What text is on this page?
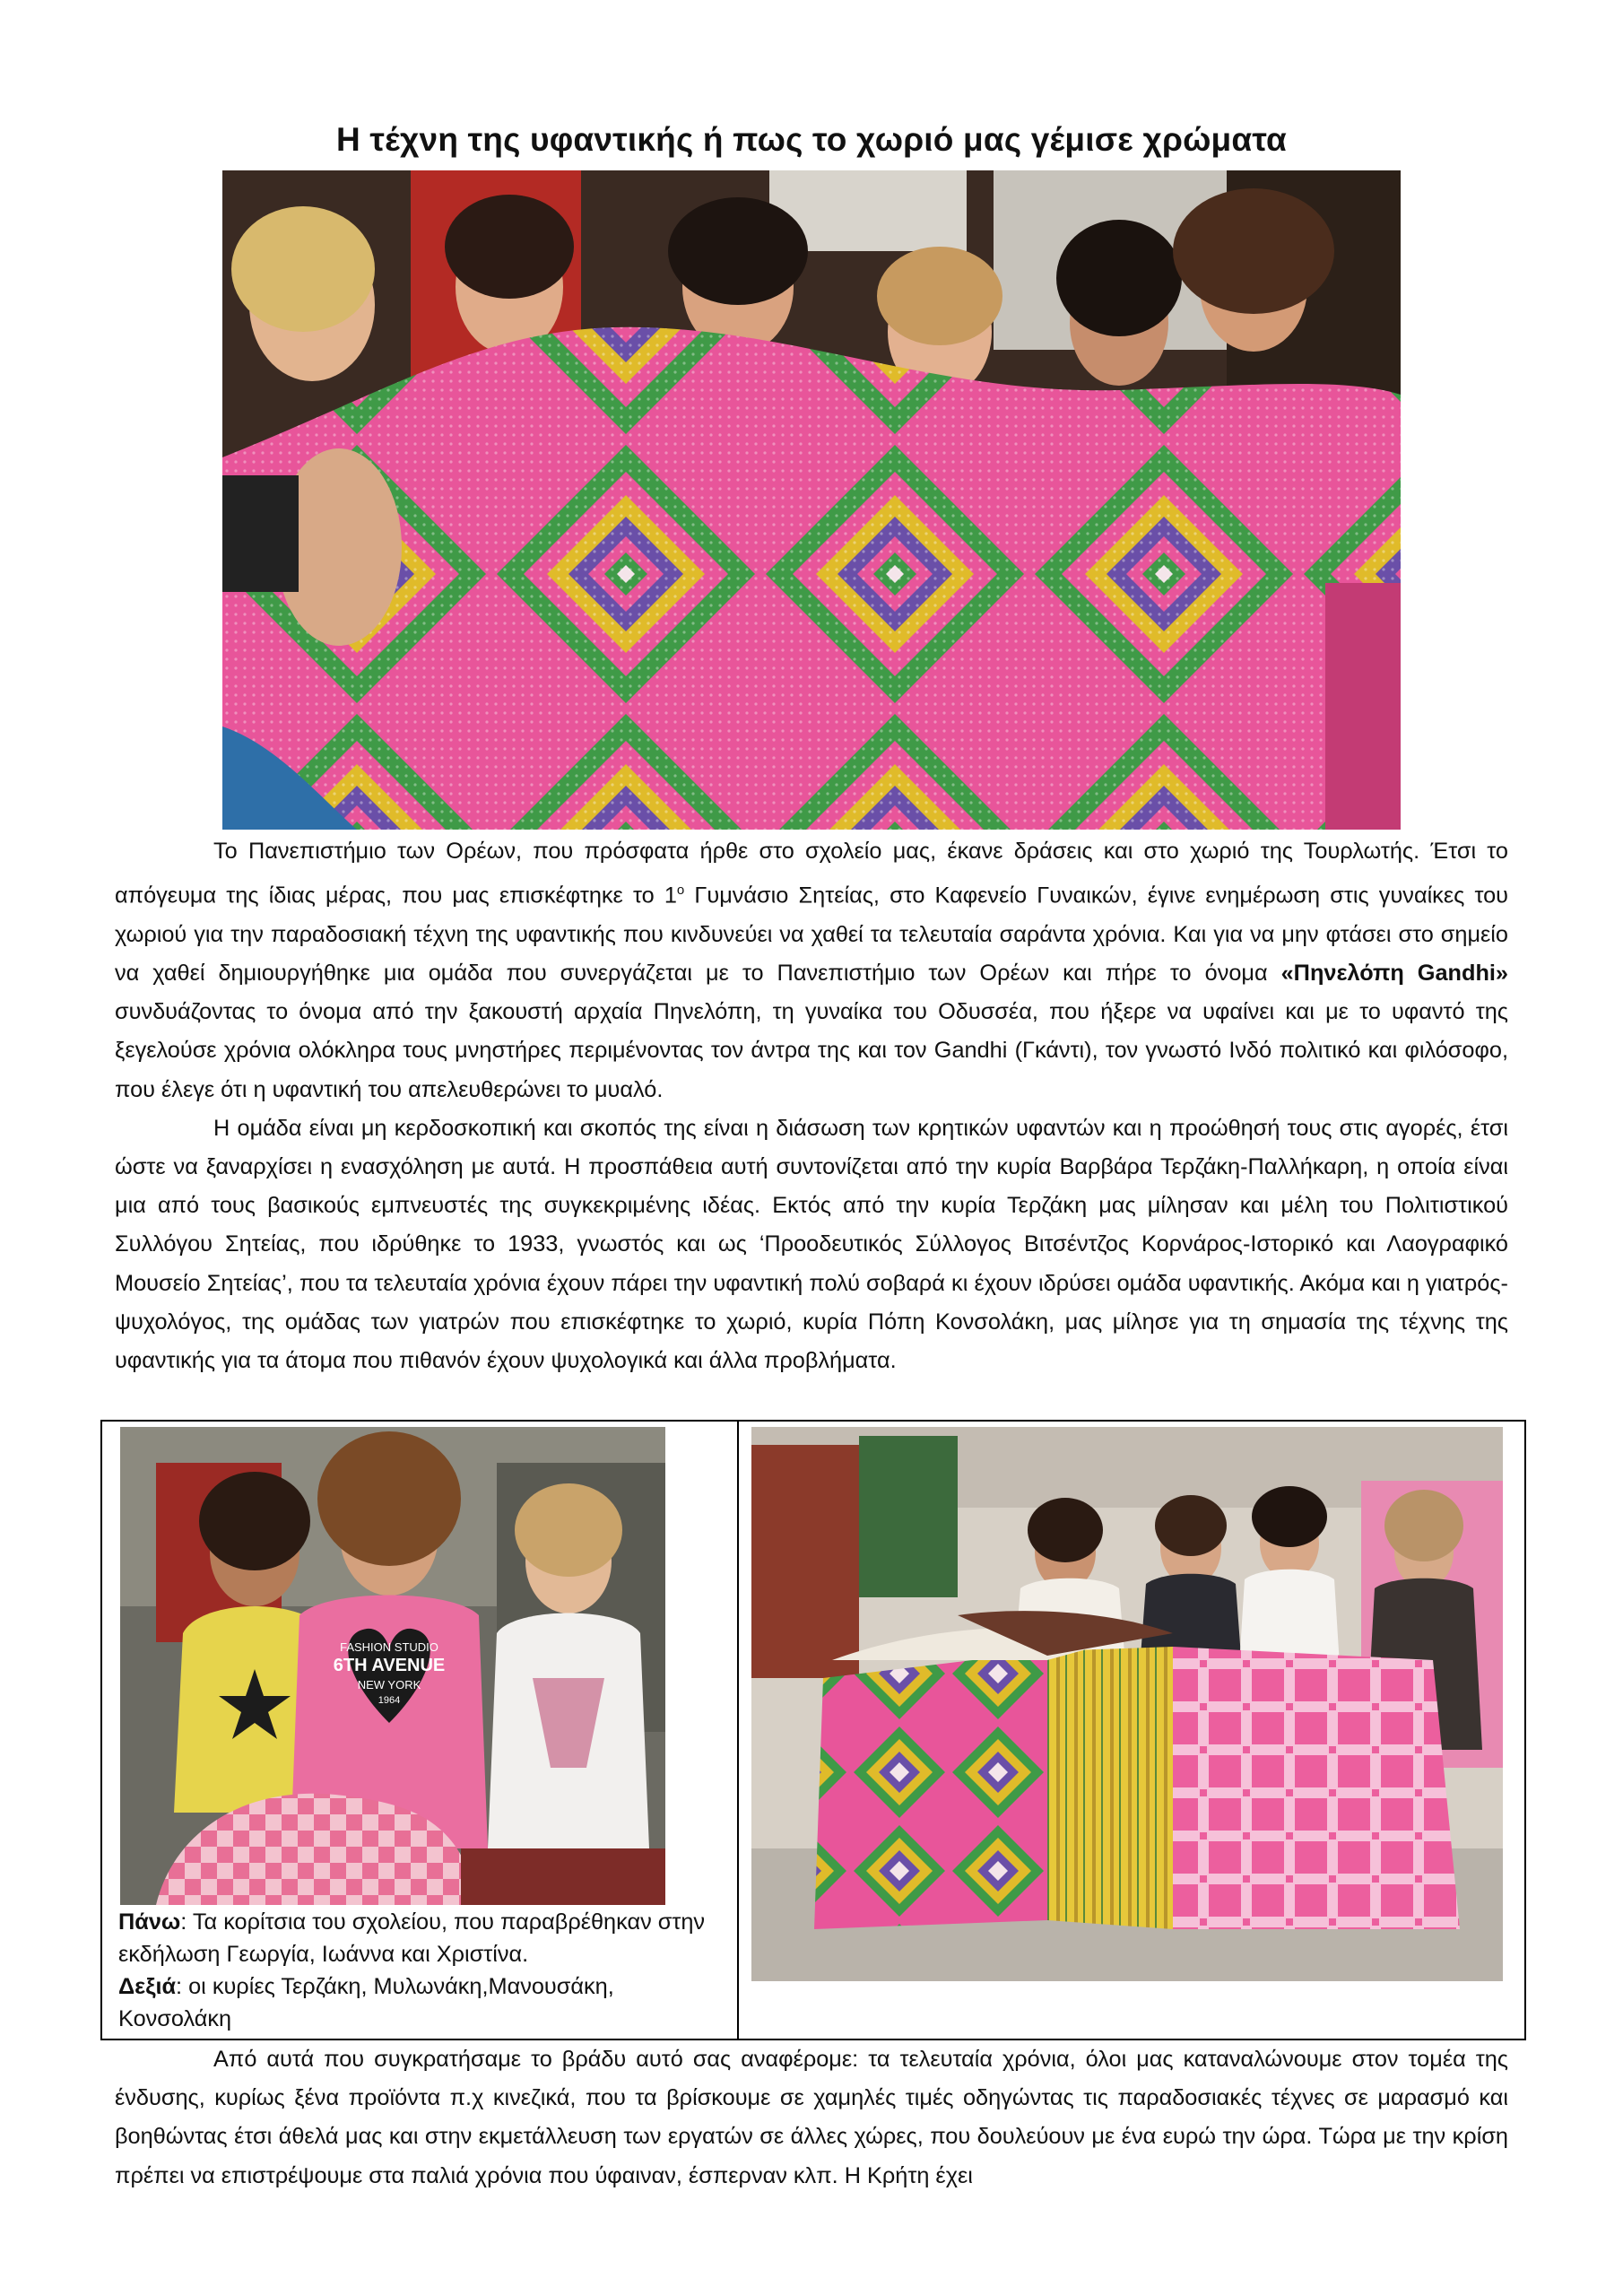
Η τέχνη της υφαντικής ή πως το χωριό μας γέμισε χρώματα

Το Πανεπιστήμιο των Ορέων, που πρόσφατα ήρθε στο σχολείο μας, έκανε δράσεις και στο χωριό της Τουρλωτής. Έτσι το απόγευμα της ίδιας μέρας, που μας επισκέφτηκε το $1^o$ Γυμνάσιο Σητείας, στο Καφενείο Γυναικών, έγινε ενημέρωση στις γυναίκες του χωριού για την παραδοσιακή τέχνη της υφαντικής που κινδυνεύει να χαθεί τα τελευταία σαράντα χρόνια. Και για να μην φτάσει στο σημείο να χαθεί δημιουργήθηκε μια ομάδα που συνεργάζεται με το Πανεπιστήμιο των Ορέων και πήρε το όνομα «Πηνελόπη Gandhi» συνδυάζοντας το όνομα από την ξακουστή αρχαία Πηνελόπη, τη γυναίκα του Οδυσσέα, που ήξερε να υφαίνει και με το υφαντό της ξεγελούσε χρόνια ολόκληρα τους μνηστήρες περιμένοντας τον άντρα της και τον Gandhi (Γκάντι), τον γνωστό Ινδό πολιτικό και φιλόσοφο, που έλεγε ότι η υφαντική του απελευθερώνει το μυαλό.

Η ομάδα είναι μη κερδοσκοπική και σκοπός της είναι η διάσωση των κρητικών υφαντών και η προώθησή τους στις αγορές, έτσι ώστε να ξαναρχίσει η ενασχόληση με αυτά. Η προσπάθεια αυτή συντονίζεται από την κυρία Βαρβάρα Τερζάκη-Παλλήκαρη, η οποία είναι μια από τους βασικούς εμπνευστές της συγκεκριμένης ιδέας. Εκτός από την κυρία Τερζάκη μας μίλησαν και μέλη του Πολιτιστικού Συλλόγου Σητείας, που ιδρύθηκε το 1933, γνωστός και ως ‘Προοδευτικός Σύλλογος Βιτσέντζος Κορνάρος-Ιστορικό και Λαογραφικό Μουσείο Σητείας’, που τα τελευταία χρόνια έχουν πάρει την υφαντική πολύ σοβαρά κι έχουν ιδρύσει ομάδα υφαντικής. Ακόμα και η γιατρός-ψυχολόγος, της ομάδας των γιατρών που επισκέφτηκε το χωριό, κυρία Πόπη Κονσολάκη, μας μίλησε για τη σημασία της τέχνης της υφαντικής για τα άτομα που πιθανόν έχουν ψυχολογικά και άλλα προβλήματα.

FASHION STUDIO
6TH AVENUE
NEW YORK
1964
Πάνω: Τα κορίτσια του σχολείου, που παραβρέθηκαν στην εκδήλωση Γεωργία, Ιωάννα και Χριστίνα.
Δεξιά: οι κυρίες Τερζάκη, Μυλωνάκη,Μανουσάκη, Κονσολάκη

Από αυτά που συγκρατήσαμε το βράδυ αυτό σας αναφέρομε: τα τελευταία χρόνια, όλοι μας καταναλώνουμε στον τομέα της ένδυσης, κυρίως ξένα προϊόντα π.χ κινεζικά, που τα βρίσκουμε σε χαμηλές τιμές οδηγώντας τις παραδοσιακές τέχνες σε μαρασμό και βοηθώντας έτσι άθελά μας και στην εκμετάλλευση των εργατών σε άλλες χώρες, που δουλεύουν με ένα ευρώ την ώρα. Τώρα με την κρίση πρέπει να επιστρέψουμε στα παλιά χρόνια που ύφαιναν, έσπερναν κλπ. Η Κρήτη έχει
